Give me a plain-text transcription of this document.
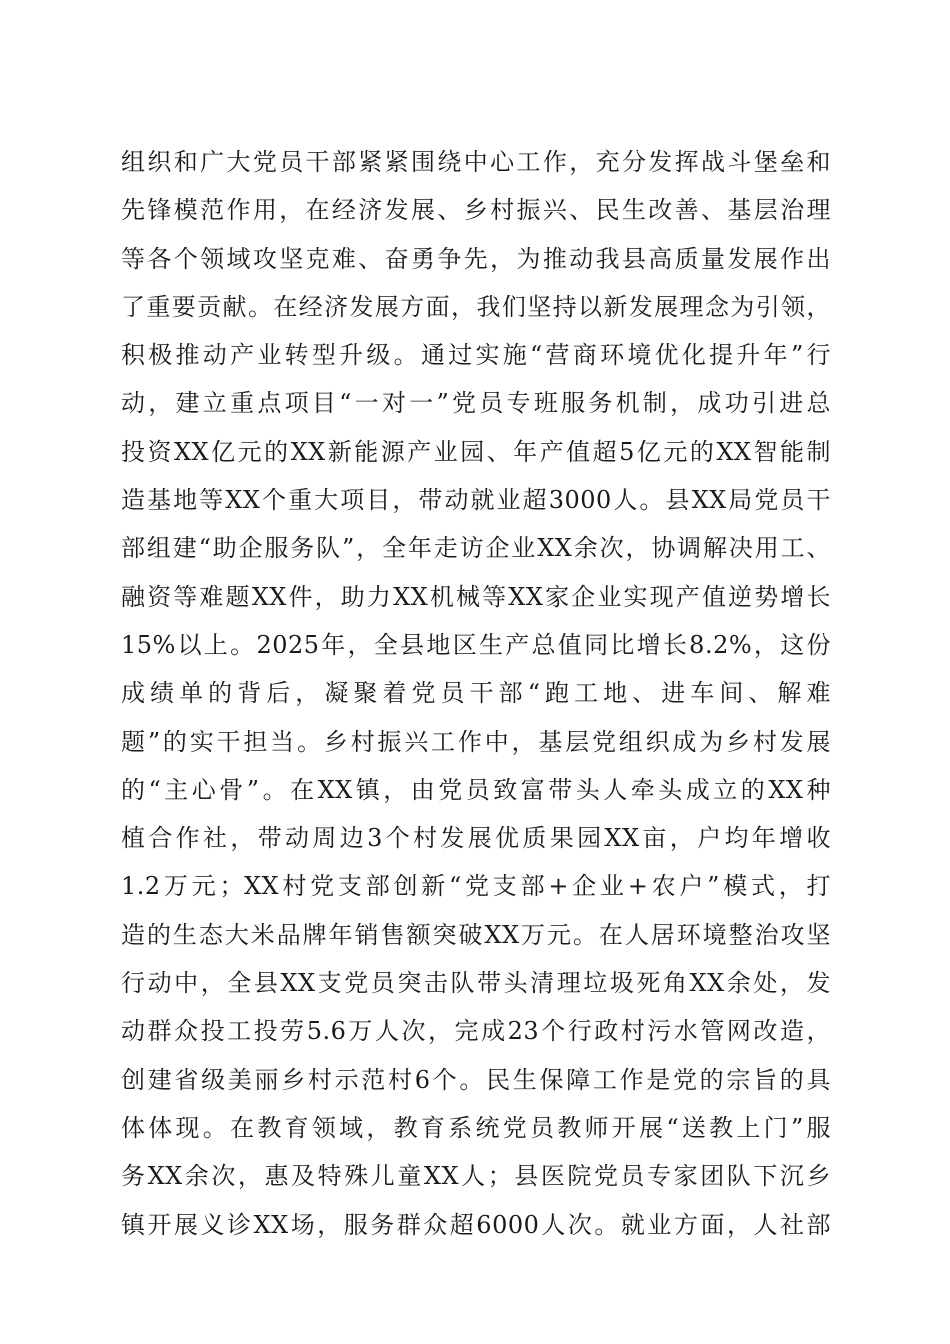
组织和广大党员干部紧紧围绕中心工作，充分发挥战斗堡垒和
先锋模范作用，在经济发展、乡村振兴、民生改善、基层治理
等各个领域攻坚克难、奋勇争先，为推动我县高质量发展作出
了重要贡献。在经济发展方面，我们坚持以新发展理念为引领，
积极推动产业转型升级。通过实施“营商环境优化提升年”行
动，建立重点项目“一对一”党员专班服务机制，成功引进总
投资XX亿元的XX新能源产业园、年产值超5亿元的XX智能制
造基地等XX个重大项目，带动就业超3000人。县XX局党员干
部组建“助企服务队”，全年走访企业XX余次，协调解决用工、
融资等难题XX件，助力XX机械等XX家企业实现产值逆势增长
15%以上。2025年，全县地区生产总值同比增长8.2%，这份
成绩单的背后，凝聚着党员干部“跑工地、进车间、解难
题”的实干担当。乡村振兴工作中，基层党组织成为乡村发展
的“主心骨”。在XX镇，由党员致富带头人牵头成立的XX种
植合作社，带动周边3个村发展优质果园XX亩，户均年增收
1.2万元；XX村党支部创新“党支部+企业+农户”模式，打
造的生态大米品牌年销售额突破XX万元。在人居环境整治攻坚
行动中，全县XX支党员突击队带头清理垃圾死角XX余处，发
动群众投工投劳5.6万人次，完成23个行政村污水管网改造，
创建省级美丽乡村示范村6个。民生保障工作是党的宗旨的具
体体现。在教育领域，教育系统党员教师开展“送教上门”服
务XX余次，惠及特殊儿童XX人；县医院党员专家团队下沉乡
镇开展义诊XX场，服务群众超6000人次。就业方面，人社部
